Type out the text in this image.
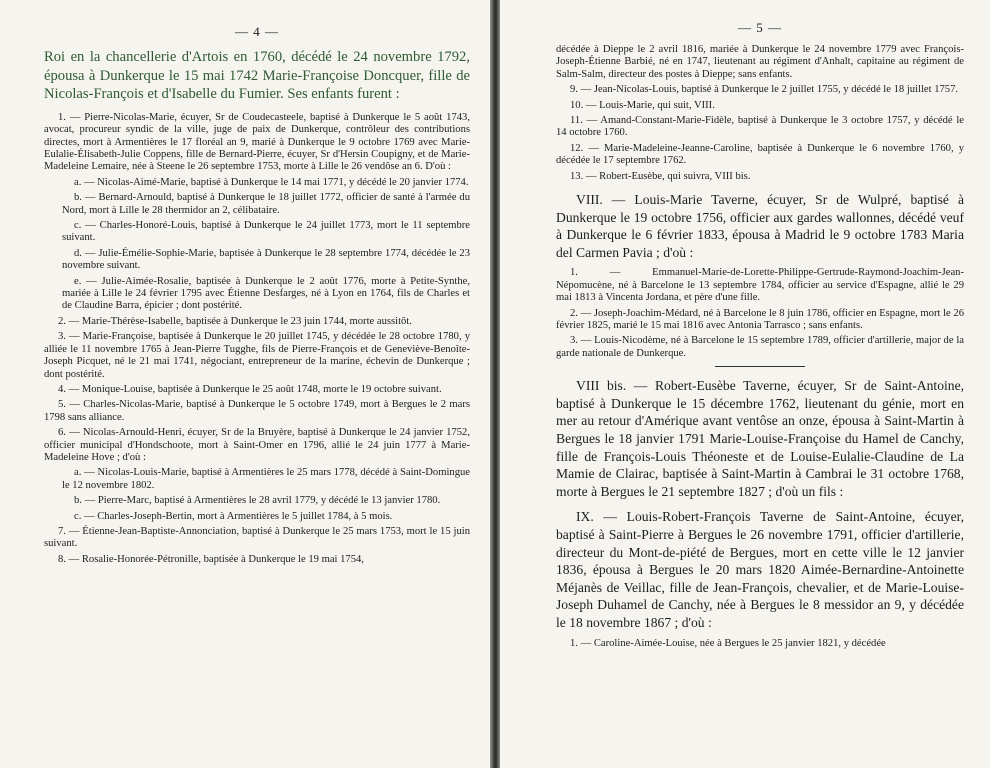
— 4 —

Roi en la chancellerie d'Artois en 1760, décédé le 24 novembre 1792, épousa à Dunkerque le 15 mai 1742 Marie-Françoise Doncquer, fille de Nicolas-François et d'Isabelle du Fumier. Ses enfants furent :

1. — Pierre-Nicolas-Marie, écuyer, Sr de Coudecasteele, baptisé à Dunkerque le 5 août 1743, avocat, procureur syndic de la ville, juge de paix de Dunkerque, contrôleur des contributions directes, mort à Armentières le 17 floréal an 9, marié à Dunkerque le 9 octobre 1769 avec Marie-Eulalie-Élisabeth-Julie Coppens, fille de Bernard-Pierre, écuyer, Sr d'Hersin Coupigny, et de Marie-Madeleine Lemaire, née à Steene le 26 septembre 1753, morte à Lille le 26 vendôse an 6. D'où :

a. — Nicolas-Aimé-Marie, baptisé à Dunkerque le 14 mai 1771, y décédé le 20 janvier 1774.

b. — Bernard-Arnould, baptisé à Dunkerque le 18 juillet 1772, officier de santé à l'armée du Nord, mort à Lille le 28 thermidor an 2, célibataire.

c. — Charles-Honoré-Louis, baptisé à Dunkerque le 24 juillet 1773, mort le 11 septembre suivant.

d. — Julie-Émélie-Sophie-Marie, baptisée à Dunkerque le 28 septembre 1774, décédée le 23 novembre suivant.

e. — Julie-Aimée-Rosalie, baptisée à Dunkerque le 2 août 1776, morte à Petite-Synthe, mariée à Lille le 24 février 1795 avec Étienne Desfarges, né à Lyon en 1764, fils de Charles et de Claudine Barra, épicier ; dont postérité.

2. — Marie-Thérèse-Isabelle, baptisée à Dunkerque le 23 juin 1744, morte aussitôt.

3. — Marie-Françoise, baptisée à Dunkerque le 20 juillet 1745, y décédée le 28 octobre 1780, y alliée le 11 novembre 1765 à Jean-Pierre Tugghe, fils de Pierre-François et de Geneviève-Benoîte-Joseph Picquet, né le 21 mai 1741, négociant, entrepreneur de la marine, échevin de Dunkerque ; dont postérité.

4. — Monique-Louise, baptisée à Dunkerque le 25 août 1748, morte le 19 octobre suivant.

5. — Charles-Nicolas-Marie, baptisé à Dunkerque le 5 octobre 1749, mort à Bergues le 2 mars 1798 sans alliance.

6. — Nicolas-Arnould-Henri, écuyer, Sr de la Bruyère, baptisé à Dunkerque le 24 janvier 1752, officier municipal d'Hondschoote, mort à Saint-Omer en 1796, allié le 24 juin 1777 à Marie-Madeleine Hove ; d'où :

a. — Nicolas-Louis-Marie, baptisé à Armentières le 25 mars 1778, décédé à Saint-Domingue le 12 novembre 1802.

b. — Pierre-Marc, baptisé à Armentières le 28 avril 1779, y décédé le 13 janvier 1780.

c. — Charles-Joseph-Bertin, mort à Armentières le 5 juillet 1784, à 5 mois.

7. — Étienne-Jean-Baptiste-Annonciation, baptisé à Dunkerque le 25 mars 1753, mort le 15 juin suivant.

8. — Rosalie-Honorée-Pétronille, baptisée à Dunkerque le 19 mai 1754,

— 5 —

décédée à Dieppe le 2 avril 1816, mariée à Dunkerque le 24 novembre 1779 avec François-Joseph-Étienne Barbié, né en 1747, lieutenant au régiment d'Anhalt, capitaine au régiment de Salm-Salm, directeur des postes à Dieppe; sans enfants.

9. — Jean-Nicolas-Louis, baptisé à Dunkerque le 2 juillet 1755, y décédé le 18 juillet 1757.

10. — Louis-Marie, qui suit, VIII.

11. — Amand-Constant-Marie-Fidèle, baptisé à Dunkerque le 3 octobre 1757, y décédé le 14 octobre 1760.

12. — Marie-Madeleine-Jeanne-Caroline, baptisée à Dunkerque le 6 novembre 1760, y décédée le 17 septembre 1762.

13. — Robert-Eusèbe, qui suivra, VIII bis.

VIII. — Louis-Marie Taverne, écuyer, Sr de Wulpré, baptisé à Dunkerque le 19 octobre 1756, officier aux gardes wallonnes, décédé veuf à Dunkerque le 6 février 1833, épousa à Madrid le 9 octobre 1783 Maria del Carmen Pavia ; d'où :

1. — Emmanuel-Marie-de-Lorette-Philippe-Gertrude-Raymond-Joachim-Jean-Népomucène, né à Barcelone le 13 septembre 1784, officier au service d'Espagne, allié le 29 mai 1813 à Vincenta Jordana, et père d'une fille.

2. — Joseph-Joachim-Médard, né à Barcelone le 8 juin 1786, officier en Espagne, mort le 26 février 1825, marié le 15 mai 1816 avec Antonia Tarrasco ; sans enfants.

3. — Louis-Nicodème, né à Barcelone le 15 septembre 1789, officier d'artillerie, major de la garde nationale de Dunkerque.

VIII bis. — Robert-Eusèbe Taverne, écuyer, Sr de Saint-Antoine, baptisé à Dunkerque le 15 décembre 1762, lieutenant du génie, mort en mer au retour d'Amérique avant ventôse an onze, épousa à Saint-Martin à Bergues le 18 janvier 1791 Marie-Louise-Françoise du Hamel de Canchy, fille de François-Louis Théoneste et de Louise-Eulalie-Claudine de La Mamie de Clairac, baptisée à Saint-Martin à Cambrai le 31 octobre 1768, morte à Bergues le 21 septembre 1827 ; d'où un fils :

IX. — Louis-Robert-François Taverne de Saint-Antoine, écuyer, baptisé à Saint-Pierre à Bergues le 26 novembre 1791, officier d'artillerie, directeur du Mont-de-piété de Bergues, mort en cette ville le 12 janvier 1836, épousa à Bergues le 20 mars 1820 Aimée-Bernardine-Antoinette Méjanès de Veillac, fille de Jean-François, chevalier, et de Marie-Louise-Joseph Duhamel de Canchy, née à Bergues le 8 messidor an 9, y décédée le 18 novembre 1867 ; d'où :

1. — Caroline-Aimée-Louise, née à Bergues le 25 janvier 1821, y décédée
